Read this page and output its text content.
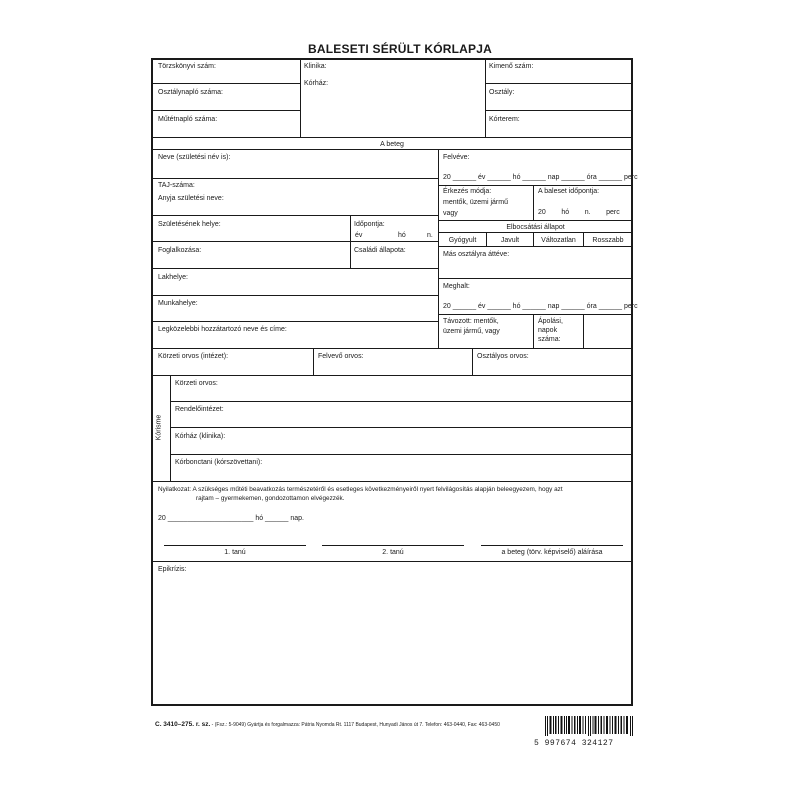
BALESETI SÉRÜLT KÓRLAPJA
Törzskönyvi szám:
Osztálynapló száma:
Műtétnapló száma:
Klinika:
Kórház:
Kimenő szám:
Osztály:
Kórterem:
A beteg
Neve (születési név is):
TAJ-száma:
Anyja születési neve:
Születésének helye:	Időpontja:
év	hó	n.
Foglalkozása:	Családi állapota:
Lakhelye:
Munkahelye:
Legközelebbi hozzátartozó neve és címe:
Felvéve:
20 ______ év ______ hó ______ nap ______ óra ______ perc
Érkezés módja:
mentők, üzemi jármű
vagy
A baleset időpontja:
20        hó        n.        perc
Elbocsátási állapot
Gyógyult	Javult	Változatlan	Rosszabb
Más osztályra áttéve:
Meghalt:
20 ______ év ______ hó ______ nap ______ óra ______ perc
Távozott: mentők,
üzemi jármű, vagy
Ápolási,
napok
száma:
Körzeti orvos (intézet):	Felvevő orvos:	Osztályos orvos:
Kórisme
Körzeti orvos:
Rendelőintézet:
Kórház (klinika):
Kórbonctani (kórszövettani):
Nyilatkozat: A szükséges műtéti beavatkozás természetéről és esetleges következményeiről nyert felvilágosítás alapján beleegyezem, hogy azt
rajtam – gyermekemen, gondozottamon elvégezzék.
20 ______________________ hó ______ nap.
1. tanú	2. tanú	a beteg (törv. képviselő) aláírása
Epikrízis:
C. 3410–275. r. sz. - (Fsz.: 5-9049) Gyártja és forgalmazza: Pátria Nyomda Rt. 1117 Budapest, Hunyadi János út 7. Telefon: 463-0440, Fax: 463-0450
5 997674 324127
